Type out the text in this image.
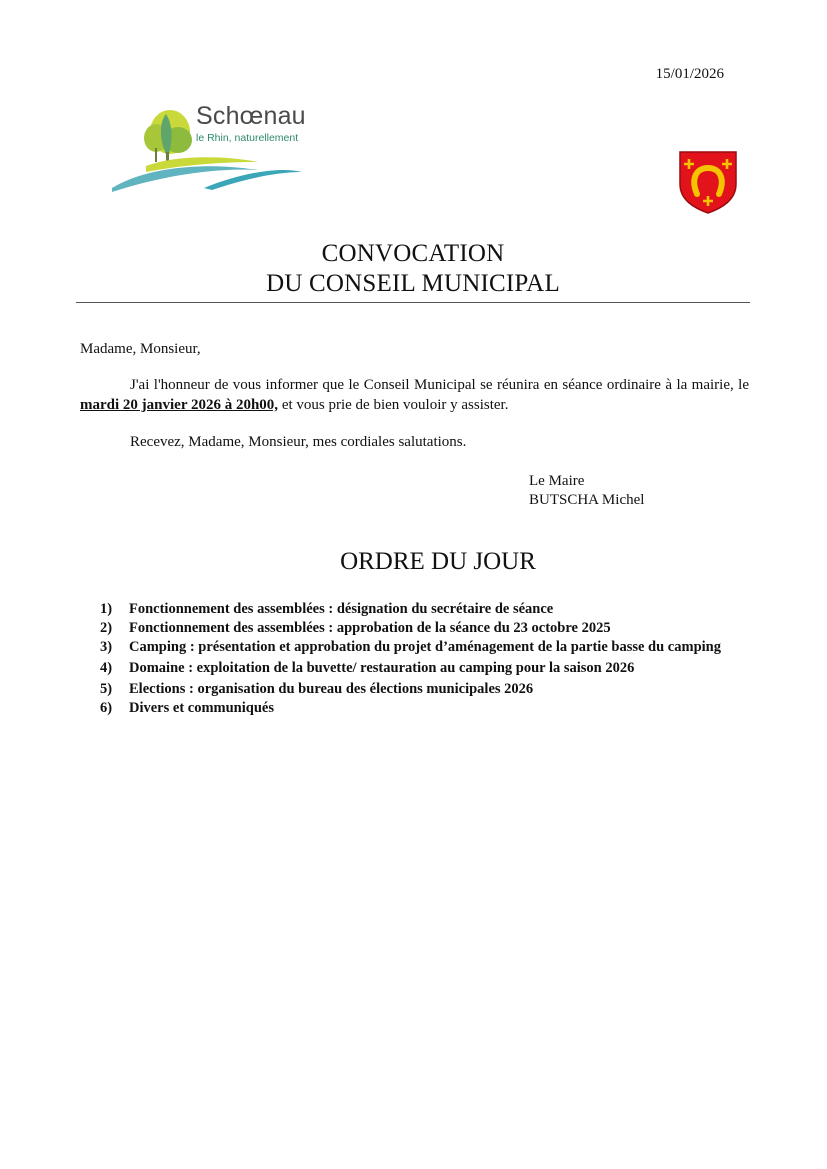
15/01/2026
Schœnau
le Rhin, naturellement
CONVOCATION
DU CONSEIL MUNICIPAL
Madame, Monsieur,
J'ai l'honneur de vous informer que le Conseil Municipal se réunira en séance ordinaire à la mairie, le mardi 20 janvier 2026 à 20h00, et vous prie de bien vouloir y assister.
Recevez, Madame, Monsieur, mes cordiales salutations.
Le Maire
BUTSCHA Michel
ORDRE DU JOUR
1)	Fonctionnement des assemblées : désignation du secrétaire de séance
2)	Fonctionnement des assemblées : approbation de la séance du 23 octobre 2025
3)	Camping : présentation et approbation du projet d’aménagement de la partie basse du camping
4)	Domaine : exploitation de la buvette/ restauration au camping pour la saison 2026
5)	Elections : organisation du bureau des élections municipales 2026
6)	Divers et communiqués
